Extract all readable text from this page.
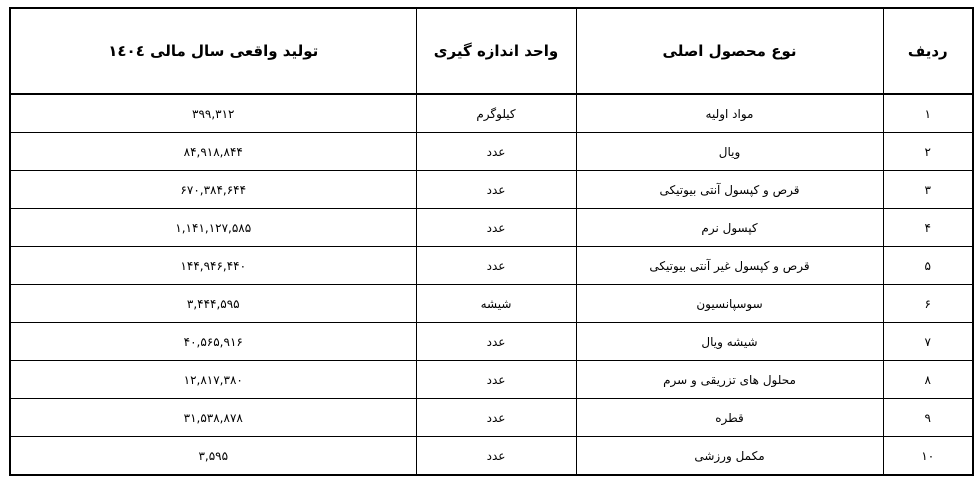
ردیف	نوع محصول اصلی	واحد اندازه گیری	تولید واقعی سال مالی ۱٤۰٤
۱	مواد اولیه	کیلوگرم	۳۹۹,۳۱۲
۲	ویال	عدد	۸۴,۹۱۸,۸۴۴
۳	قرص و کپسول آنتی بیوتیکی	عدد	۶۷۰,۳۸۴,۶۴۴
۴	کپسول نرم	عدد	۱,۱۴۱,۱۲۷,۵۸۵
۵	قرص و کپسول غیر آنتی بیوتیکی	عدد	۱۴۴,۹۴۶,۴۴۰
۶	سوسپانسیون	شیشه	۳,۴۴۴,۵۹۵
۷	شیشه ویال	عدد	۴۰,۵۶۵,۹۱۶
۸	محلول های تزریقی و سرم	عدد	۱۲,۸۱۷,۳۸۰
۹	قطره	عدد	۳۱,۵۳۸,۸۷۸
۱۰	مکمل ورزشی	عدد	۳,۵۹۵
